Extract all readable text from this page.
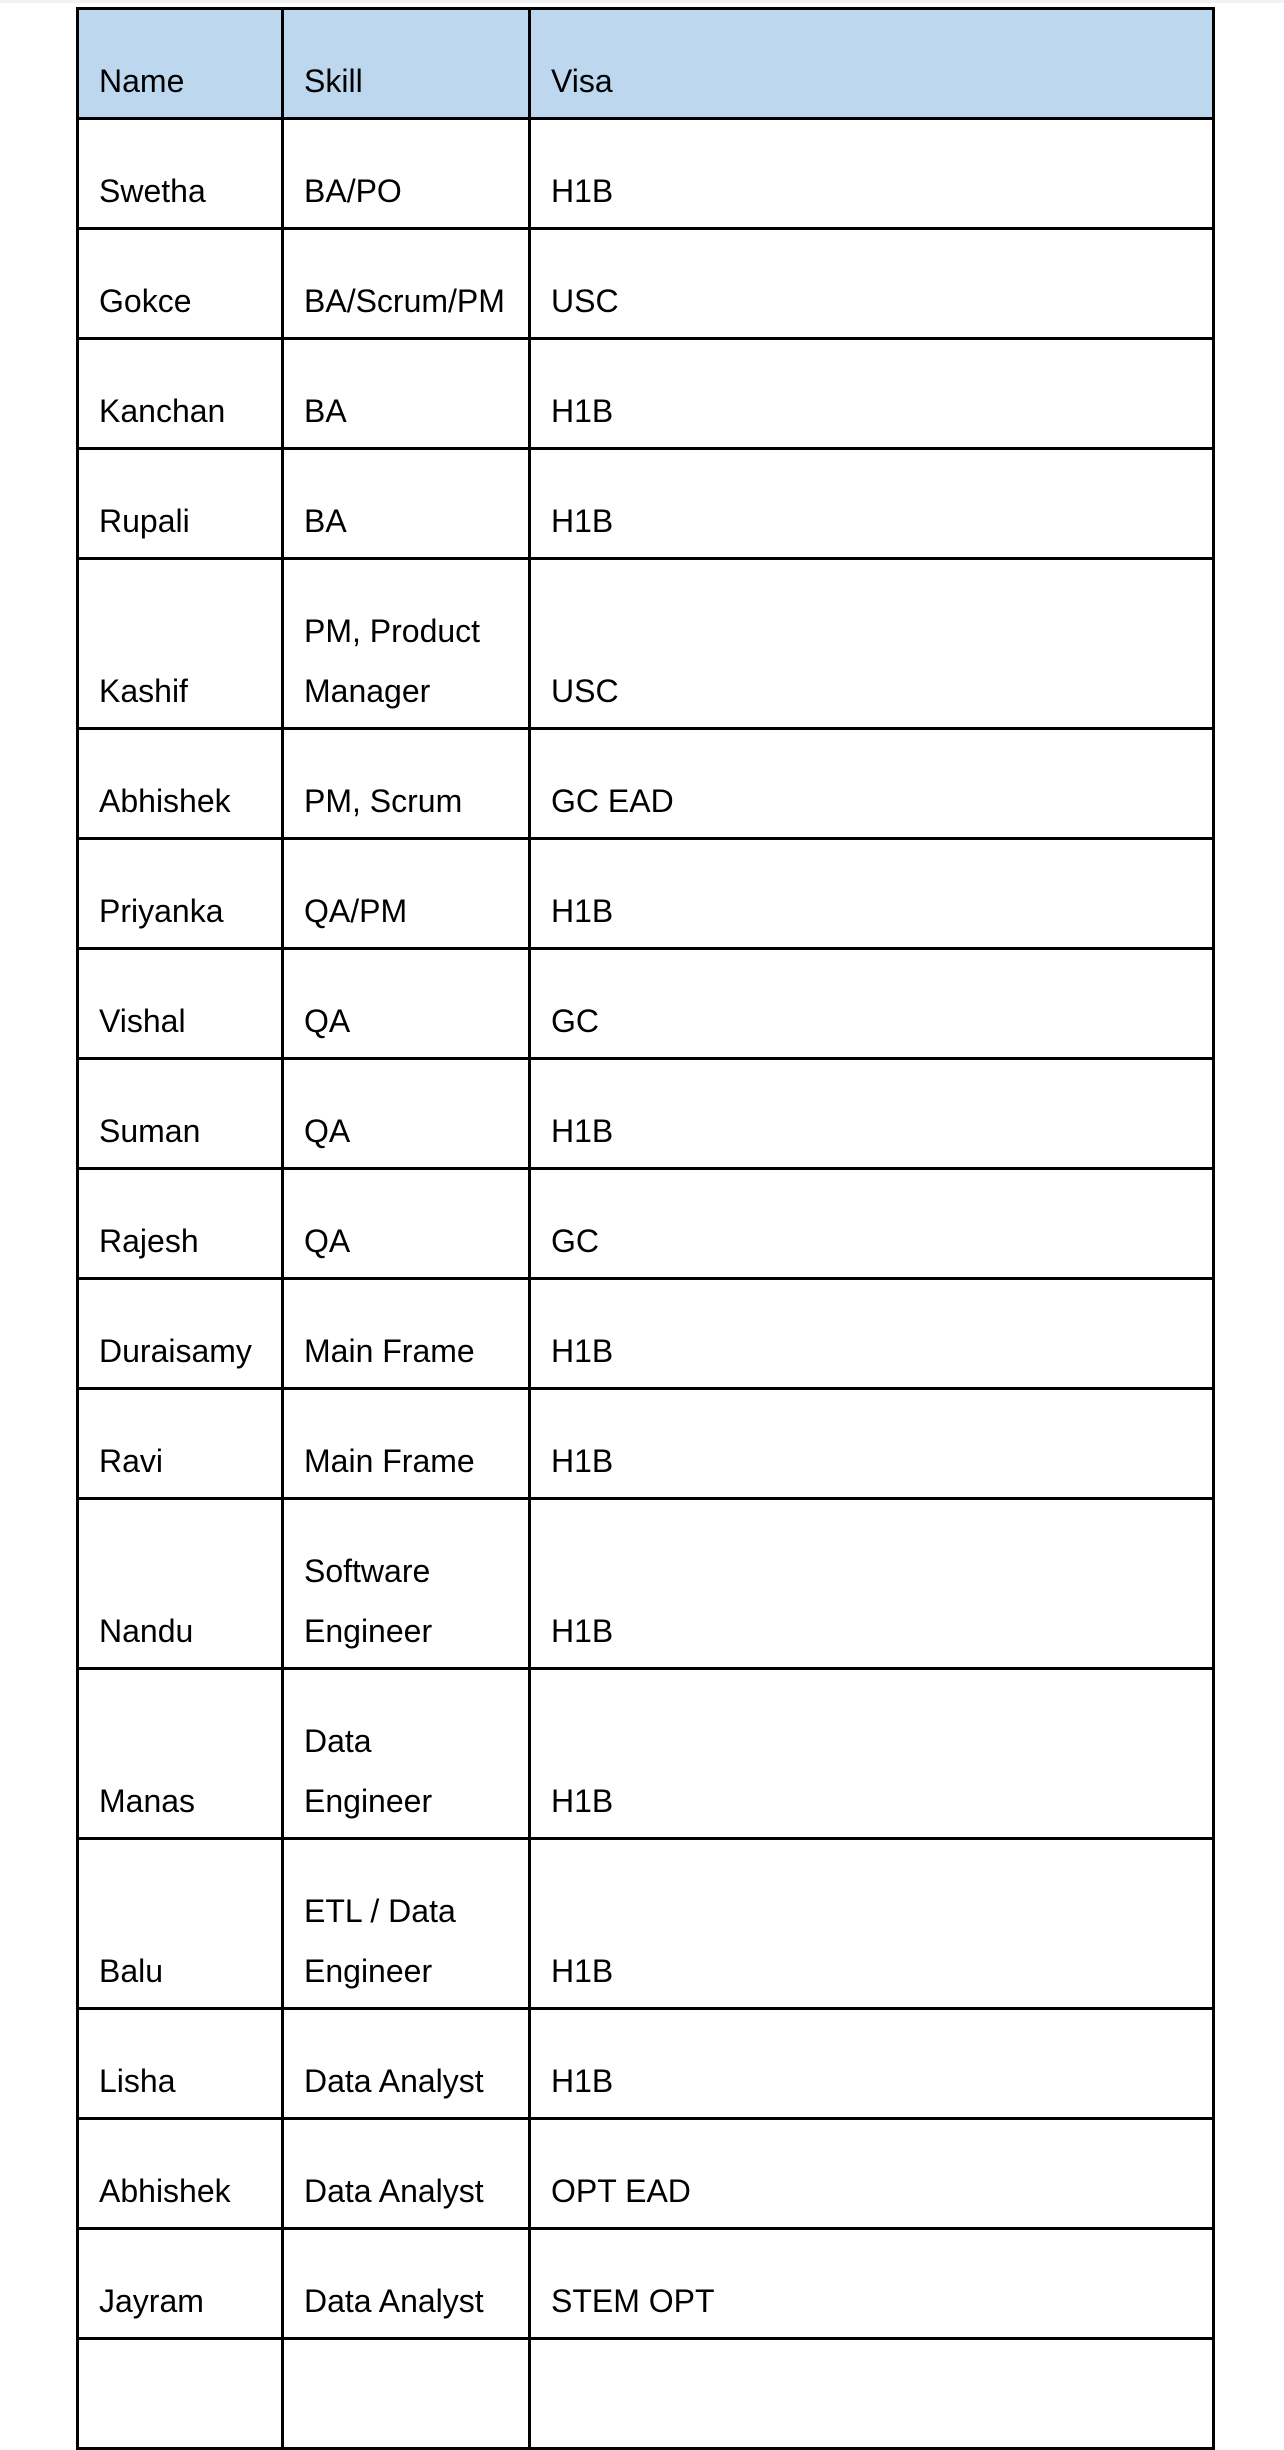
Name	Skill	Visa
Swetha	BA/PO	H1B
Gokce	BA/Scrum/PM	USC
Kanchan	BA	H1B
Rupali	BA	H1B
Kashif	PM, Product Manager	USC
Abhishek	PM, Scrum	GC EAD
Priyanka	QA/PM	H1B
Vishal	QA	GC
Suman	QA	H1B
Rajesh	QA	GC
Duraisamy	Main Frame	H1B
Ravi	Main Frame	H1B
Nandu	Software Engineer	H1B
Manas	Data Engineer	H1B
Balu	ETL / Data Engineer	H1B
Lisha	Data Analyst	H1B
Abhishek	Data Analyst	OPT EAD
Jayram	Data Analyst	STEM OPT
